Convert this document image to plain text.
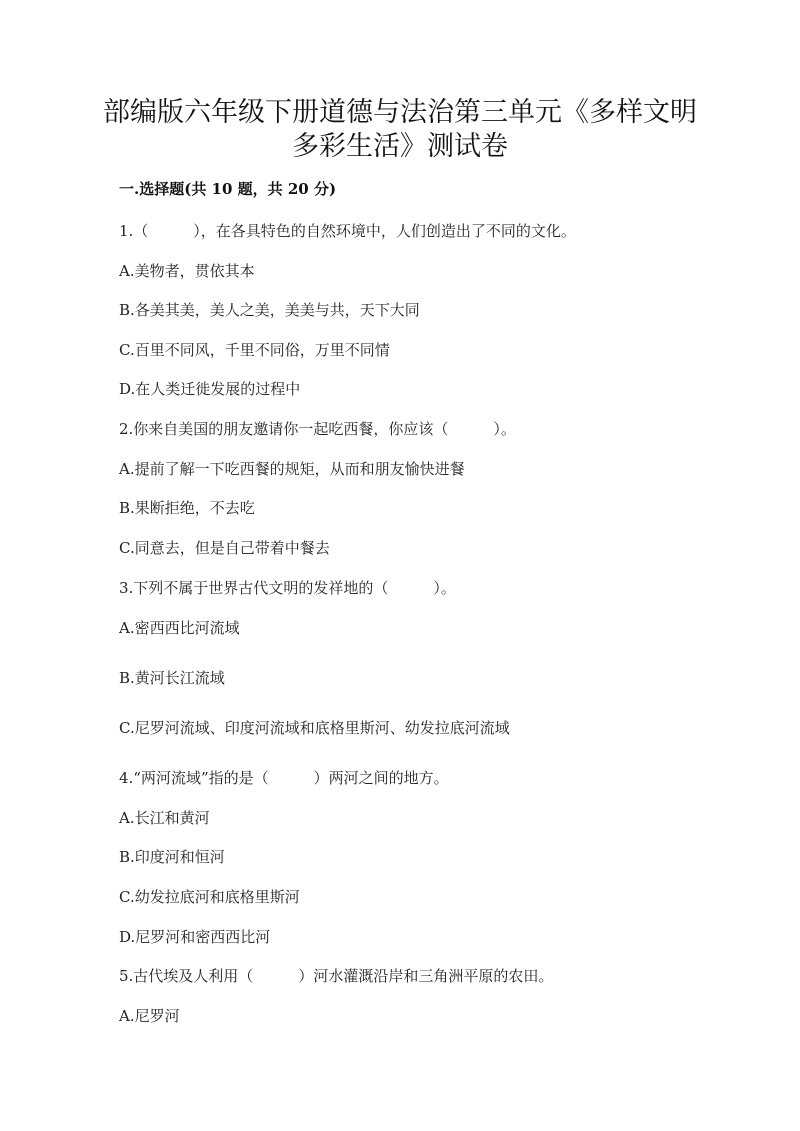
部编版六年级下册道德与法治第三单元《多样文明
多彩生活》测试卷
一.选择题(共 10 题，共 20 分)
1.（　　　），在各具特色的自然环境中，人们创造出了不同的文化。
A.美物者，贯依其本
B.各美其美，美人之美，美美与共，天下大同
C.百里不同风，千里不同俗，万里不同情
D.在人类迁徙发展的过程中
2.你来自美国的朋友邀请你一起吃西餐，你应该（　　　）。
A.提前了解一下吃西餐的规矩，从而和朋友愉快进餐
B.果断拒绝，不去吃
C.同意去，但是自己带着中餐去
3.下列不属于世界古代文明的发祥地的（　　　）。
A.密西西比河流域
B.黄河长江流域
C.尼罗河流域、印度河流域和底格里斯河、幼发拉底河流域
4.“两河流域”指的是（　　　）两河之间的地方。
A.长江和黄河
B.印度河和恒河
C.幼发拉底河和底格里斯河
D.尼罗河和密西西比河
5.古代埃及人利用（　　　）河水灌溉沿岸和三角洲平原的农田。
A.尼罗河
